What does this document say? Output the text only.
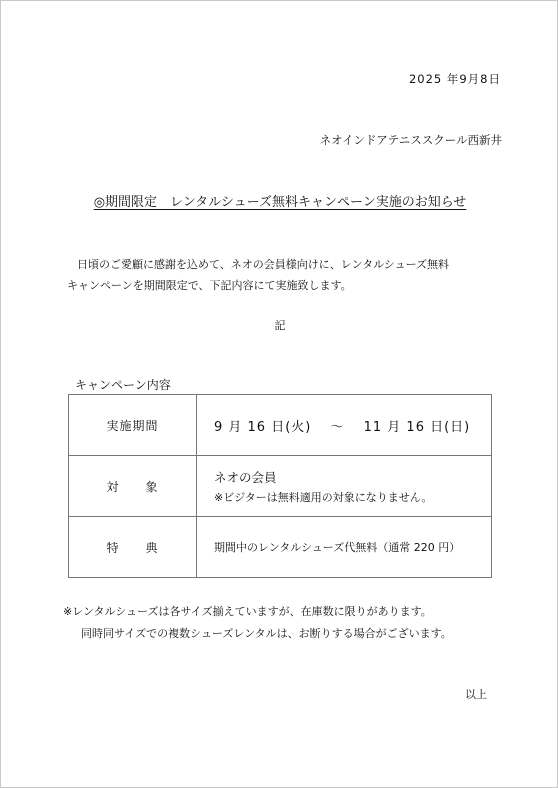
2025 年9月8日
ネオインドアテニススクール西新井
◎期間限定　レンタルシューズ無料キャンペーン実施のお知らせ
日頃のご愛顧に感謝を込めて、ネオの会員様向けに、レンタルシューズ無料
キャンペーンを期間限定で、下記内容にて実施致します。
記
キャンペーン内容
実施期間	9 月 16 日(火)　 ～　 11 月 16 日(日)
対　　象	ネオの会員
※ビジターは無料適用の対象になりません。

特　　典	期間中のレンタルシューズ代無料（通常 220 円）
※レンタルシューズは各サイズ揃えていますが、在庫数に限りがあります。
同時同サイズでの複数シューズレンタルは、お断りする場合がございます。
以上
